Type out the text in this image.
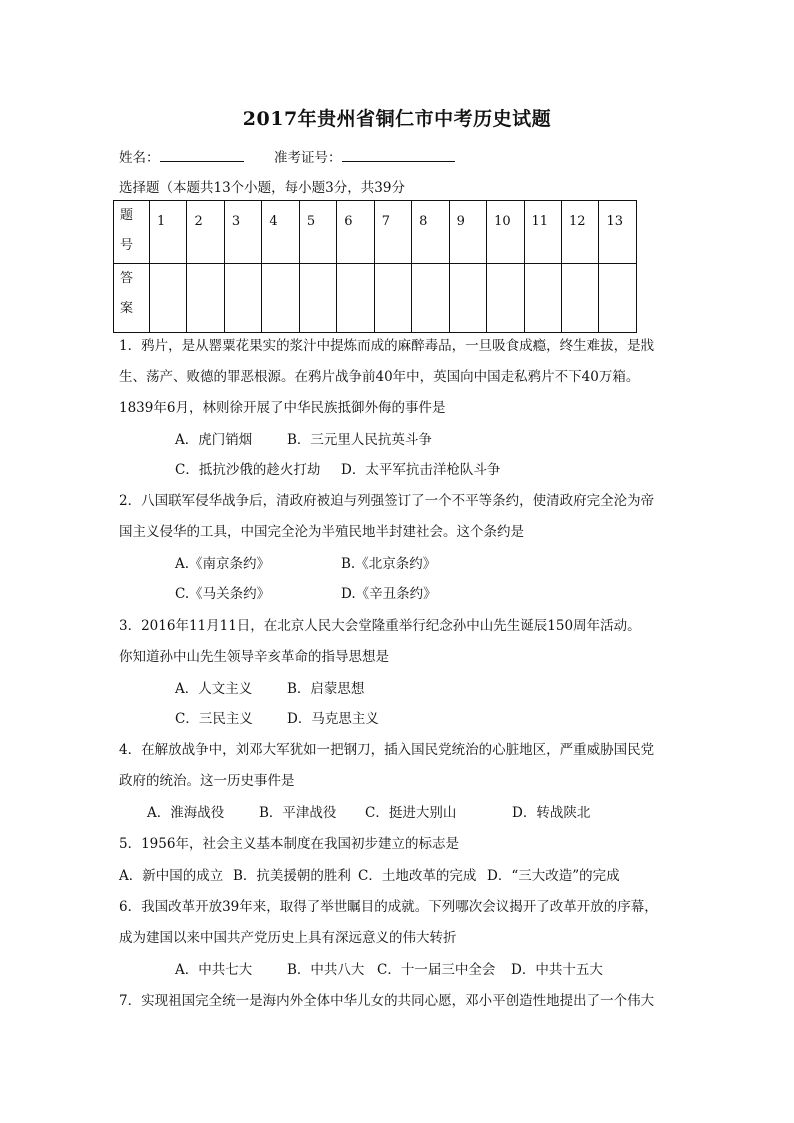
2017年贵州省铜仁市中考历史试题
姓名：	准考证号：
选择题（本题共13个小题，每小题3分，共39分
题
号	1	2	3	4	5	6	7	8	9	10	11	12	13

答
案													

1．鸦片，是从罂粟花果实的浆汁中提炼而成的麻醉毒品，一旦吸食成瘾，终生难拔，是戕
生、荡产、败德的罪恶根源。在鸦片战争前40年中，英国向中国走私鸦片不下40万箱。
1839年6月，林则徐开展了中华民族抵御外侮的事件是
A．虎门销烟	B．三元里人民抗英斗争
C．抵抗沙俄的趁火打劫 D．太平军抗击洋枪队斗争
2．八国联军侵华战争后，清政府被迫与列强签订了一个不平等条约，使清政府完全沦为帝
国主义侵华的工具，中国完全沦为半殖民地半封建社会。这个条约是
A.《南京条约》	B.《北京条约》
C.《马关条约》	D.《辛丑条约》
3．2016年11月11日，在北京人民大会堂隆重举行纪念孙中山先生诞辰150周年活动。
你知道孙中山先生领导辛亥革命的指导思想是
A．人文主义	B．启蒙思想
C．三民主义	D．马克思主义
4．在解放战争中，刘邓大军犹如一把钢刀，插入国民党统治的心脏地区，严重威胁国民党
政府的统治。这一历史事件是
A．淮海战役	B．平津战役 C．挺进大别山	D．转战陕北
5．1956年，社会主义基本制度在我国初步建立的标志是
A．新中国的成立 B．抗美援朝的胜利 C．土地改革的完成 D．“三大改造”的完成
6．我国改革开放39年来，取得了举世瞩目的成就。下列哪次会议揭开了改革开放的序幕，
成为建国以来中国共产党历史上具有深远意义的伟大转折
A．中共七大	B．中共八大 C．十一届三中全会 D．中共十五大
7．实现祖国完全统一是海内外全体中华儿女的共同心愿，邓小平创造性地提出了一个伟大
